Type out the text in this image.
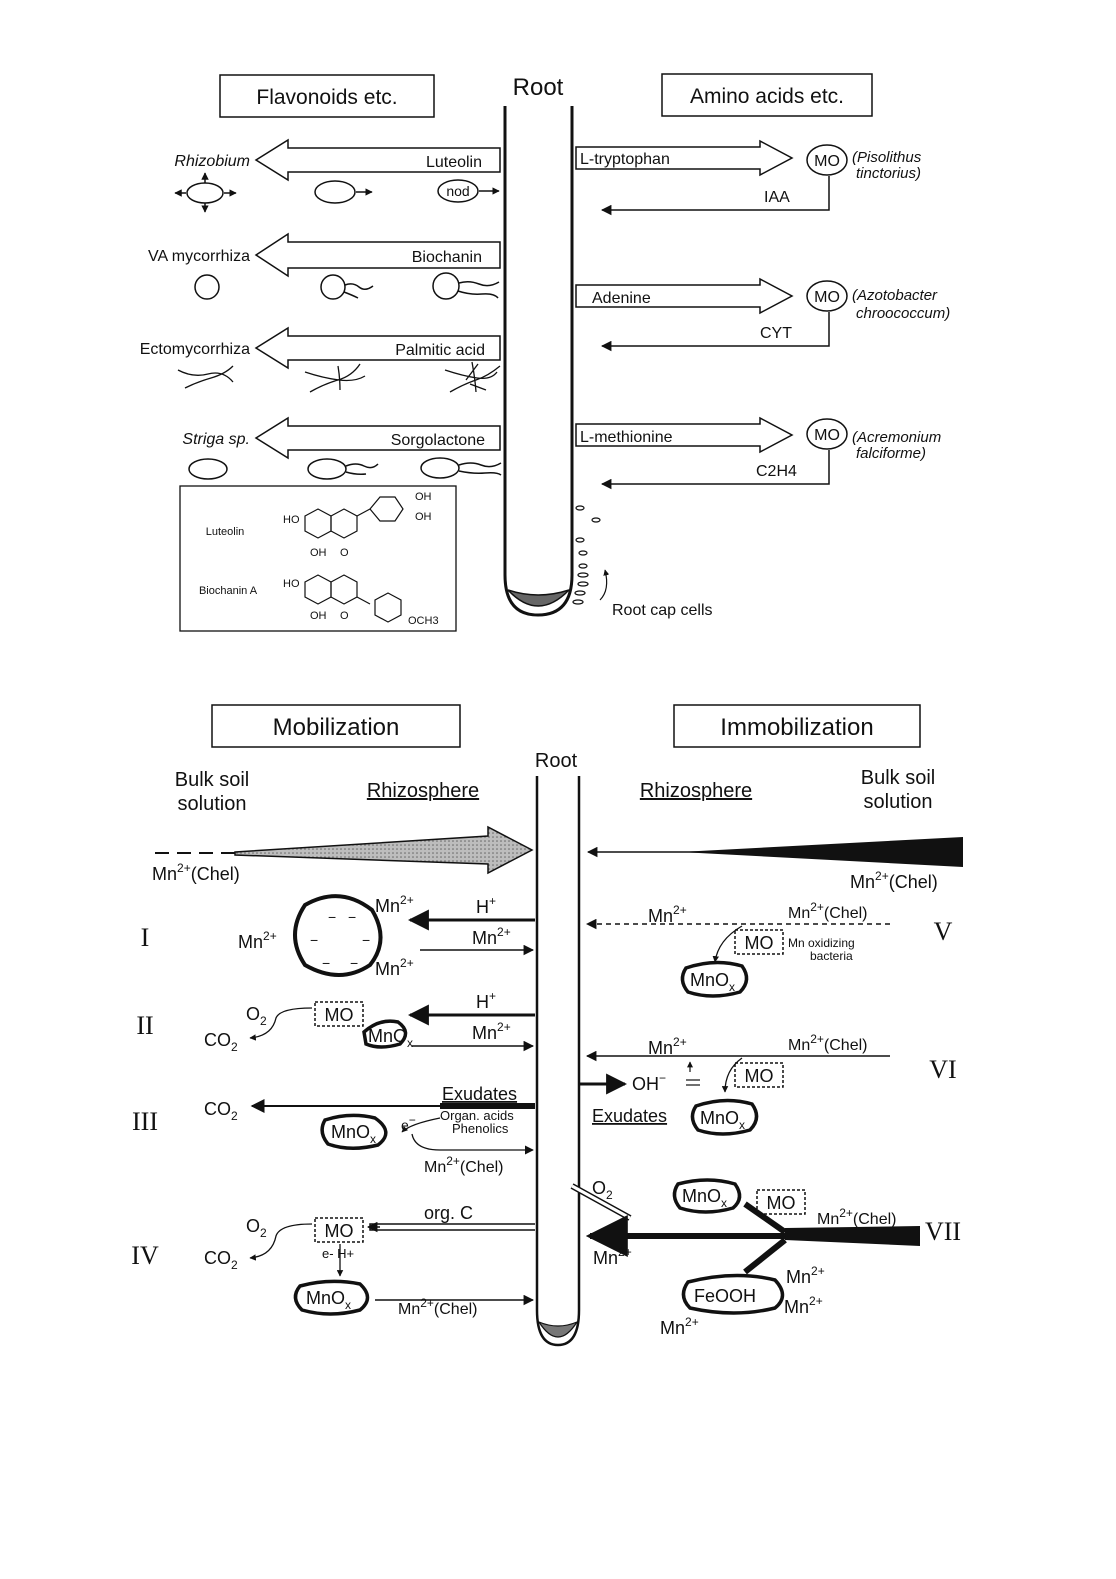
Root
Flavonoids etc.	Amino acids etc.
Rhizobium	Luteolin
VA mycorrhiza	Biochanin
Ectomycorrhiza	Palmitic acid
Striga sp.	Sorgolactone
nod
Luteolin
Biochanin A
HO
OH
OH
OH O
HO
OH O	OCH3
L-tryptophan
Adenine
L-methionine
MO
MO
MO
(Pisolithus
tinctorius)
(Azotobacter
chroococcum)
(Acremonium
falciforme)
IAA
CYT
C2H4
Root cap cells
Mobilization	Immobilization
Root
Bulk soil
solution
Bulk soil
solution
Rhizosphere	Rhizosphere
$Mn^{2+}(Chel)$	$Mn^{2+}(Chel)$
I
II
III
IV
V
VI
VII
− −
−	−
− −
$Mn^{2+}$
$Mn^{2+}$
$Mn^{2+}$
H+
$Mn^{2+}$
$O_2$	MO
$CO_2$
MnO$_x$
H+
$Mn^{2+}$
$CO_2$
Exudates
Organ. acids
Phenolics
MnO$_x$
e−
$Mn^{2+}(Chel)$
$O_2$	MO
org. C
$CO_2$
e- H+
MnO$_x$	$Mn^{2+}(Chel)$
$Mn^{2+}$	$Mn^{2+}(Chel)$
MO Mn oxidizing
bacteria
MnO$_x$
$Mn^{2+}$	$Mn^{2+}(Chel)$
MO
OH−
Exudates MnO$_x$
$O_2$	MnO$_x$ MO
$Mn^{2+}(Chel)$
$Mn^{2+}$
FeOOH
$Mn^{2+}$
$Mn^{2+}$
$Mn^{2+}$
